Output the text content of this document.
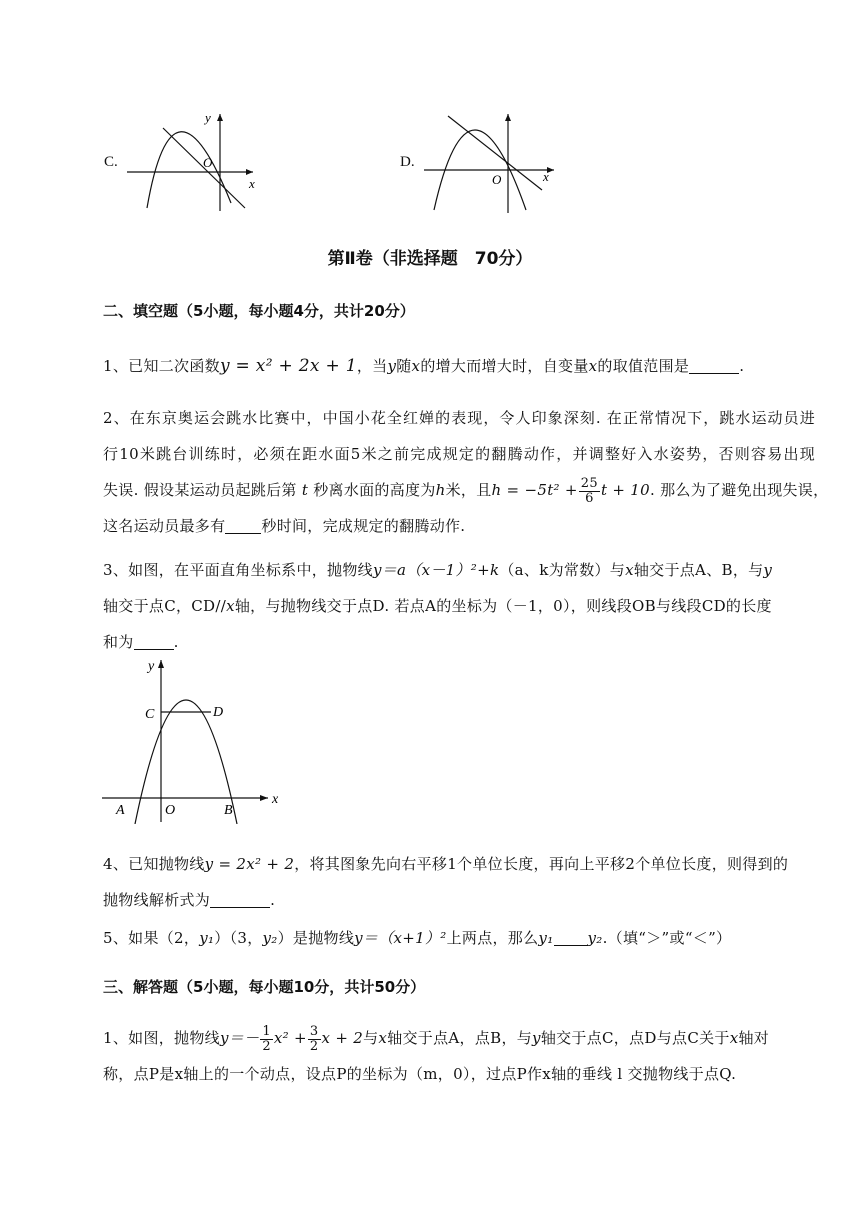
C.
y
O
x
D.
O	x
第Ⅱ卷（非选择题　70分）
二、填空题（5小题，每小题4分，共计20分）
1、已知二次函数y = x² + 2x + 1，当y随x的增大而增大时，自变量x的取值范围是	.
2、在东京奥运会跳水比赛中，中国小花全红婵的表现，令人印象深刻. 在正常情况下，跳水运动员进
行10米跳台训练时，必须在距水面5米之前完成规定的翻腾动作，并调整好入水姿势，否则容易出现
失误. 假设某运动员起跳后第 t 秒离水面的高度为h米，且$h = -5t^2 + \frac{25}{6}$ t + 10. 那么为了避免出现失误，
这名运动员最多有 秒时间，完成规定的翻腾动作.
3、如图，在平面直角坐标系中，抛物线y＝a（x－1）²+k（a、k为常数）与x轴交于点A、B，与y
轴交于点C，CD//x轴，与抛物线交于点D. 若点A的坐标为（－1，0），则线段OB与线段CD的长度
和为	.
y
C	D
A	O	B
x
4、已知抛物线y = 2x² + 2，将其图象先向右平移1个单位长度，再向上平移2个单位长度，则得到的
抛物线解析式为	.
5、如果（2，y₁）（3，y₂）是抛物线y＝（x+1）²上两点，那么y₁ y₂.（填“＞”或“＜”）
三、解答题（5小题，每小题10分，共计50分）
1、如图，抛物线$y=- \frac{1}{2} x^2 + \frac{3}{2}$ x + 2与x轴交于点A，点B，与y轴交于点C，点D与点C关于x轴对
称，点P是x轴上的一个动点，设点P的坐标为（m，0），过点P作x轴的垂线 l 交抛物线于点Q.
